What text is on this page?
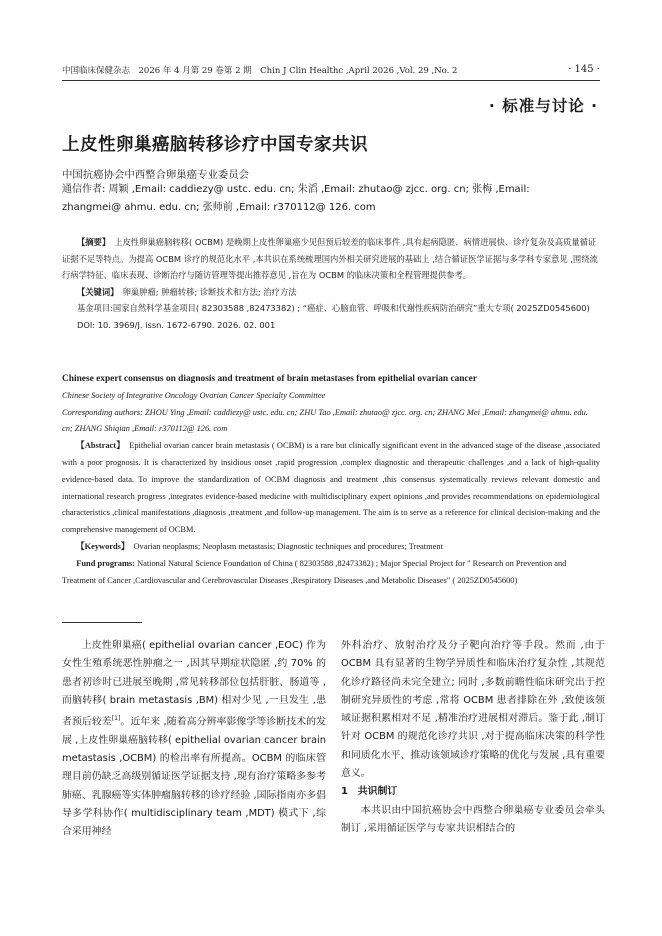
中国临床保健杂志　2026 年 4 月第 29 卷第 2 期　Chin J Clin Healthc ,April 2026 ,Vol. 29 ,No. 2	· 145 ·
· 标准与讨论 ·
上皮性卵巢癌脑转移诊疗中国专家共识
中国抗癌协会中西整合卵巢癌专业委员会
通信作者: 周颖 ,Email: caddiezy@ ustc. edu. cn; 朱滔 ,Email: zhutao@ zjcc. org. cn; 张梅 ,Email:
zhangmei@ ahmu. edu. cn; 张师前 ,Email: r370112@ 126. com

【摘要】　 上皮性卵巢癌脑转移( OCBM) 是晚期上皮性卵巢癌少见但预后较差的临床事件 ,具有起病隐匿、病情进展快、诊疗复杂及高质量循证证据不足等特点。为提高 OCBM 诊疗的规范化水平 ,本共识在系统梳理国内外相关研究进展的基础上 ,结合循证医学证据与多学科专家意见 ,围绕流行病学特征、临床表现、诊断治疗与随访管理等提出推荐意见 ,旨在为 OCBM 的临床决策和全程管理提供参考。

【关键词】　 卵巢肿瘤; 肿瘤转移; 诊断技术和方法; 治疗方法

基金项目:国家自然科学基金项目( 82303588 ,82473382) ; “癌症、心脑血管、呼吸和代谢性疾病防治研究”重大专项( 2025ZD0545600)

DOI: 10. 3969/J. issn. 1672-6790. 2026. 02. 001

Chinese expert consensus on diagnosis and treatment of brain metastases from epithelial ovarian cancer

Chinese Society of Integrative Oncology Ovarian Cancer Specialty Committee

Corresponding authors: ZHOU Ying ,Email: caddiezy@ ustc. edu. cn; ZHU Tao ,Email: zhutao@ zjcc. org. cn; ZHANG Mei ,Email: zhangmei@ ahmu. edu. cn; ZHANG Shiqian ,Email: r370112@ 126. com

【Abstract】　 Epithelial ovarian cancer brain metastasis ( OCBM) is a rare but clinically significant event in the advanced stage of the disease ,associated with a poor prognosis. It is characterized by insidious onset ,rapid progression ,complex diagnostic and therapeutic challenges ,and a lack of high-quality evidence-based data. To improve the standardization of OCBM diagnosis and treatment ,this consensus systematically reviews relevant domestic and international research progress ,integrates evidence-based medicine with multidisciplinary expert opinions ,and provides recommendations on epidemiological characteristics ,clinical manifestations ,diagnosis ,treatment ,and follow-up management. The aim is to serve as a reference for clinical decision-making and the comprehensive management of OCBM.

【Keywords】　 Ovarian neoplasms; Neoplasm metastasis; Diagnostic techniques and procedures; Treatment

Fund programs: National Natural Science Foundation of China ( 82303588 ,82473382) ; Major Special Project for " Research on Prevention and Treatment of Cancer ,Cardiovascular and Cerebrovascular Diseases ,Respiratory Diseases ,and Metabolic Diseases" ( 2025ZD0545600)

上皮性卵巢癌( epithelial ovarian cancer ,EOC) 作为女性生殖系统恶性肿瘤之一 ,因其早期症状隐匿 ,约 70% 的患者初诊时已进展至晚期 ,常见转移部位包括肝脏、肠道等 ,而脑转移( brain metastasis ,BM) 相对少见 ,一旦发生 ,患者预后较差[1]。近年来 ,随着高分辨率影像学等诊断技术的发展 ,上皮性卵巢癌脑转移( epithelial ovarian cancer brain metastasis ,OCBM) 的检出率有所提高。OCBM 的临床管理目前仍缺乏高级别循证医学证据支持 ,现有治疗策略多参考肺癌、乳腺癌等实体肿瘤脑转移的诊疗经验 ,国际指南亦多倡导多学科协作( multidisciplinary team ,MDT) 模式下 ,综合采用神经

外科治疗、放射治疗及分子靶向治疗等手段。然而 ,由于 OCBM 具有显著的生物学异质性和临床治疗复杂性 ,其规范化诊疗路径尚未完全建立; 同时 ,多数前瞻性临床研究出于控制研究异质性的考虑 ,常将 OCBM 患者排除在外 ,致使该领域证据积累相对不足 ,精准治疗进展相对滞后。鉴于此 ,制订针对 OCBM 的规范化诊疗共识 ,对于提高临床决策的科学性和同质化水平、推动该领域诊疗策略的优化与发展 ,具有重要意义。

1　共识制订

本共识由中国抗癌协会中西整合卵巢癌专业委员会牵头制订 ,采用循证医学与专家共识相结合的
